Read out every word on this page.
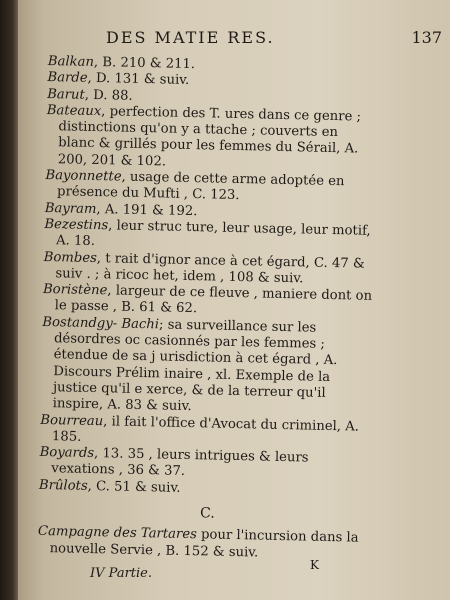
DES MATIE RES.	137

Balkan, B. 210 & 211.

Barde, D. 131 & suiv.

Barut, D. 88.

Bateaux, perfection des T. ures dans ce genre ; distinctions qu'on y a ttache ; couverts en blanc & grillés pour les femmes du Sérail, A. 200, 201 & 102.

Bayonnette, usage de cette arme adoptée en présence du Mufti , C. 123.

Bayram, A. 191 & 192.

Bezestins, leur struc ture, leur usage, leur motif, A. 18.

Bombes, t rait d'ignor ance à cet égard, C. 47 & suiv . ; à ricoc het, idem , 108 & suiv.

Boristène, largeur de ce fleuve , maniere dont on le passe , B. 61 & 62.

Bostandgy- Bachi; sa surveillance sur les désordres oc casionnés par les femmes ; étendue de sa j urisdiction à cet égard , A. Discours Prélim inaire , xl. Exemple de la justice qu'il e xerce, & de la terreur qu'il inspire, A. 83 & suiv.

Bourreau, il fait l'office d'Avocat du criminel, A. 185.

Boyards, 13. 35 , leurs intrigues & leurs vexations , 36 & 37.

Brûlots, C. 51 & suiv.

C.

Campagne des Tartares pour l'incursion dans la nouvelle Servie , B. 152 & suiv.

IV Partie.
K
